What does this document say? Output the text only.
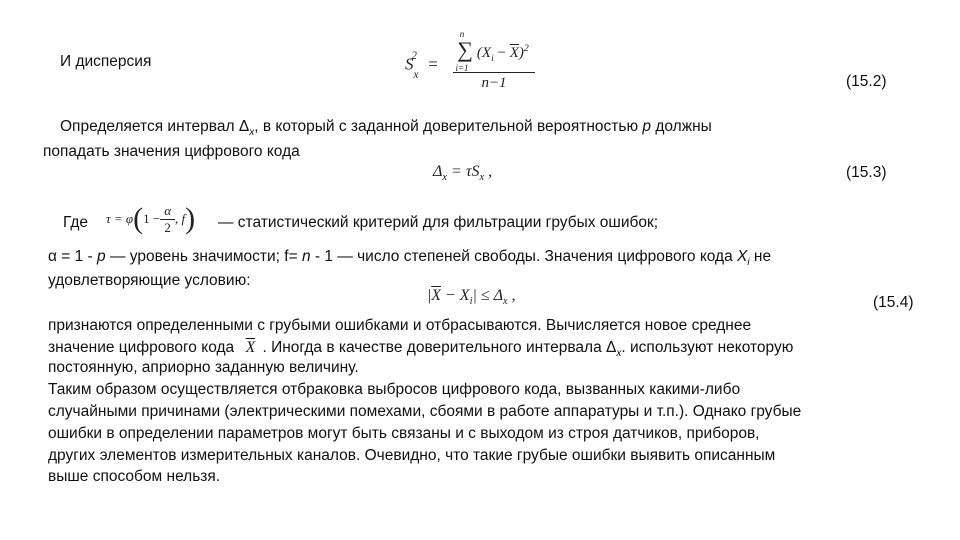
И дисперсия	$S_x^2$ =
n
∑ $(X_i - \overline{X})^2$
i=1
n−1	(15.2)
Определяется интервал $\Delta_x$, в который с заданной доверительной вероятностью p должны
попадать значения цифрового кода
$\Delta_x = \tau S_x$ ,	(15.3)
Где τ = φ ( $1 - \frac{\alpha}{2}$ , f ) — статистический критерий для фильтрации грубых ошибок;
α = 1 - p — уровень значимости; f= n - 1 — число степеней свободы. Значения цифрового кода $X_i$ не
удовлетворяющие условию:
$|\overline{X} - X_i| \le \Delta_x$ ,	(15.4)
признаются определенными с грубыми ошибками и отбрасываются. Вычисляется новое среднее
значение цифрового кода $\overline{X}$ . Иногда в качестве доверительного интервала $\Delta_x$. используют некоторую
постоянную, априорно заданную величину.
Таким образом осуществляется отбраковка выбросов цифрового кода, вызванных какими-либо
случайными причинами (электрическими помехами, сбоями в работе аппаратуры и т.п.). Однако грубые
ошибки в определении параметров могут быть связаны и с выходом из строя датчиков, приборов,
других элементов измерительных каналов. Очевидно, что такие грубые ошибки выявить описанным
выше способом нельзя.
